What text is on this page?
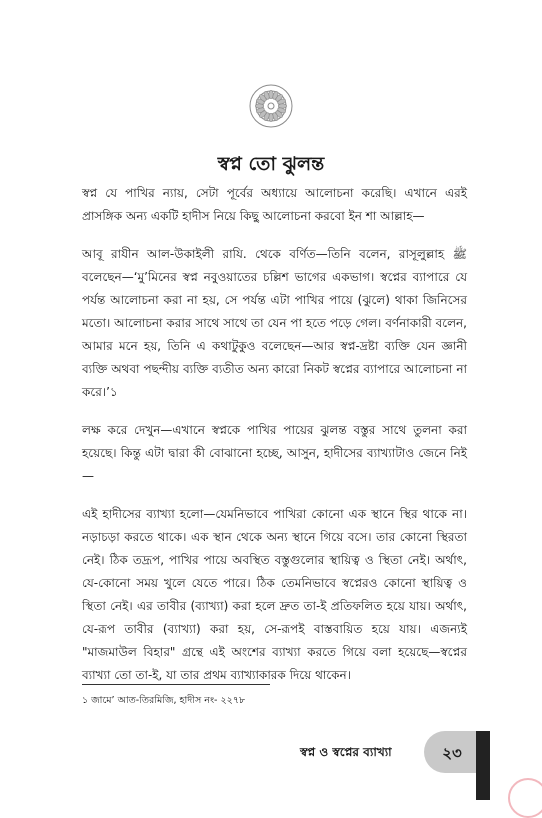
স্বপ্ন তো ঝুলন্ত

স্বপ্ন যে পাখির ন্যায়, সেটা পূর্বের অধ্যায়ে আলোচনা করেছি। এখানে এরই প্রাসঙ্গিক অন্য একটি হাদীস নিয়ে কিছু আলোচনা করবো ইন শা আল্লাহ—

আবূ রাযীন আল-উকাইলী রাযি. থেকে বর্ণিত—তিনি বলেন, রাসূলুল্লাহ ﷺ বলেছেন—‘মু’মিনের স্বপ্ন নবুওয়াতের চল্লিশ ভাগের একভাগ। স্বপ্নের ব্যাপারে যে পর্যন্ত আলোচনা করা না হয়, সে পর্যন্ত এটা পাখির পায়ে (ঝুলে) থাকা জিনিসের মতো। আলোচনা করার সাথে সাথে তা যেন পা হতে পড়ে গেল। বর্ণনাকারী বলেন, আমার মনে হয়, তিনি এ কথাটুকুও বলেছেন—আর স্বপ্ন-দ্রষ্টা ব্যক্তি যেন জ্ঞানী ব্যক্তি অথবা পছন্দীয় ব্যক্তি ব্যতীত অন্য কারো নিকট স্বপ্নের ব্যাপারে আলোচনা না করে।’১

লক্ষ করে দেখুন—এখানে স্বপ্নকে পাখির পায়ের ঝুলন্ত বস্তুর সাথে তুলনা করা হয়েছে। কিন্তু এটা দ্বারা কী বোঝানো হচ্ছে, আসুন, হাদীসের ব্যাখ্যাটাও জেনে নিই—

এই হাদীসের ব্যাখ্যা হলো—যেমনিভাবে পাখিরা কোনো এক স্থানে স্থির থাকে না। নড়াচড়া করতে থাকে। এক স্থান থেকে অন্য স্থানে গিয়ে বসে। তার কোনো স্থিরতা নেই। ঠিক তদ্রূপ, পাখির পায়ে অবস্থিত বস্তুগুলোর স্থায়িত্ব ও স্থিতা নেই। অর্থাৎ, যে-কোনো সময় খুলে যেতে পারে। ঠিক তেমনিভাবে স্বপ্নেরও কোনো স্থায়িত্ব ও স্থিতা নেই। এর তাবীর (ব্যাখ্যা) করা হলে দ্রুত তা-ই প্রতিফলিত হয়ে যায়। অর্থাৎ, যে-রূপ তাবীর (ব্যাখ্যা) করা হয়, সে-রূপই বাস্তবায়িত হয়ে যায়। এজন্যই "মাজমাউল বিহার" গ্রন্থে এই অংশের ব্যাখ্যা করতে গিয়ে বলা হয়েছে—স্বপ্নের ব্যাখ্যা তো তা-ই, যা তার প্রথম ব্যাখ্যাকারক দিয়ে থাকেন।

১ জামে’ আত-তিরমিজি, হাদীস নং- ২২৭৮
স্বপ্ন ও স্বপ্নের ব্যাখ্যা	২৩
